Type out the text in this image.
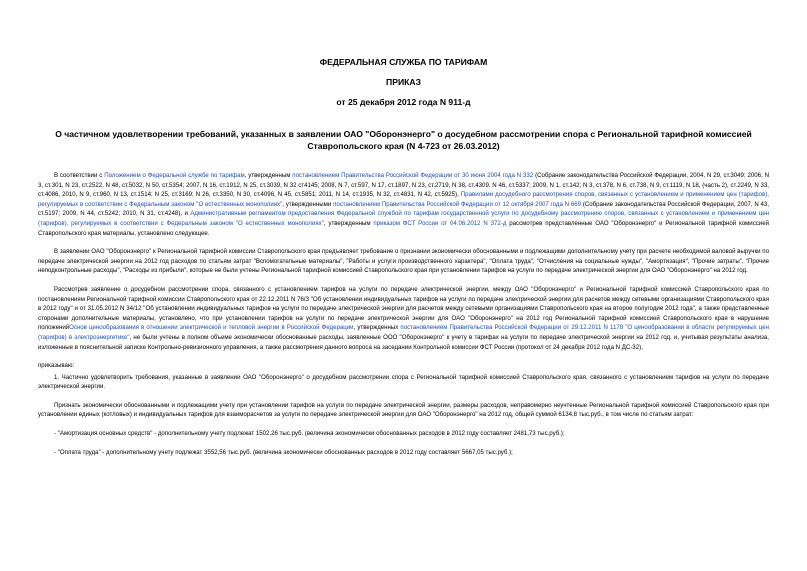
ФЕДЕРАЛЬНАЯ СЛУЖБА ПО ТАРИФАМ
ПРИКАЗ
от 25 декабря 2012 года N 911-д
О частичном удовлетворении требований, указанных в заявлении ОАО "Оборонэнерго" о досудебном рассмотрении спора с Региональной тарифной комиссией Ставропольского края (N 4-723 от 26.03.2012)

В соответствии с Положением о Федеральной службе по тарифам, утвержденным постановлением Правительства Российской Федерации от 30 июня 2004 года N 332 (Собрание законодательства Российской Федерации, 2004, N 29, ст.3049; 2006, N 3, ст.301, N 23, ст.2522, N 48, ст.5032, N 50, ст.5354; 2007, N 16, ст.1912, N 25, ст.3039, N 32 ст4145; 2008, N 7, ст.597, N 17, ст.1897, N 23, ст.2719, N 38, ст.4309, N 46, ст.5337; 2009, N 1, ст.142; N 3, ст.378, N 6, ст.738, N 9, ст.1119, N 18, (часть 2), ст.2249, N 33, ст.4086, 2010, N 9, ст.960, N 13, ст.1514; N 25, ст.3169; N 26, ст.3350, N 30, ст.4096, N 45, ст.5851; 2011, N 14, ст.1935, N 32, ст.4831, N 42, ст.5925), Правилами досудебного рассмотрения споров, связанных с установлением и применением цен (тарифов), регулируемых в соответствии с Федеральным законом "О естественных монополиях", утвержденными постановлением Правительства Российской Федерации от 12 октября 2007 года N 669 (Собрание законодательства Российской Федерации, 2007, N 43, ст.5197; 2009, N 44, ст.5242; 2010, N 31, ст.4248), и Административным регламентом предоставления Федеральной службой по тарифам государственной услуги по досудебному рассмотрению споров, связанных с установлением и применением цен (тарифов), регулируемых в соответствии с Федеральным законом "О естественных монополиях", утвержденным приказом ФСТ России от 04.06.2012 N 372-д рассмотрев представленные ОАО "Оборонэнерго" и Региональной тарифной комиссией Ставропольского края материалы, установлено следующее.

В заявлении ОАО "Оборонэнерго" к Региональной тарифной комиссии Ставропольского края предъявляет требование о признании экономически обоснованными и подлежащими дополнительному учету при расчете необходимой валовой выручки по передаче электрической энергии на 2012 год расходов по статьям затрат "Вспомогательные материалы", "Работы и услуги производственного характера", "Оплата труда", "Отчисления на социальные нужды", "Амортизация", "Прочие затраты", "Прочие неподконтрольные расходы", "Расходы из прибыли", которые не были учтены Региональной тарифной комиссией Ставропольского края при установлении тарифов на услуги по передаче электрической энергии для ОАО "Оборонэнерго" на 2012 год.

Рассмотрев заявление о досудебном рассмотрении спора, связанного с установлением тарифов на услуги по передаче электрической энергии, между ОАО "Оборонэнерго" и Региональной тарифной комиссией Ставропольского края по постановлениям Региональной тарифной комиссии Ставропольского края от 22.12.2011 N 76/3 "Об установлении индивидуальных тарифов на услуги по передаче электрической энергии для расчетов между сетевыми организациями Ставропольского края в 2012 году" и от 31.05.2012 N 34/12 "Об установлении индивидуальных тарифов на услуги по передаче электрической энергии для расчетов между сетевыми организациями Ставропольского края на второе полугодие 2012 года", а также представленные сторонами дополнительные материалы, установлено, что при установлении тарифов на услуги по передаче электрической энергии для ОАО "Оборонэнерго" на 2012 год Региональной тарифной комиссией Ставропольского края в нарушение положенийОснов ценообразования в отношении электрической и тепловой энергии в Российской Федерации, утвержденных постановлением Правительства Российской Федерации от 29.12.2011 N 1178 "О ценообразовании в области регулируемых цен (тарифов) в электроэнергетике", не были учтены в полном объеме экономически обоснованные расходы, заявленные ООО "Оборонэнерго" к учету в тарифах на услуги по передаче электрической энергии на 2012 год, и, учитывая результаты анализа, изложенные в пояснительной записке Контрольно-ревизионного управления, а также рассмотрения данного вопроса на заседании Контрольной комиссии ФСТ России (протокол от 24 декабря 2012 года N ДС-32),

приказываю:

1. Частично удовлетворить требования, указанные в заявлении ОАО "Оборонэнерго" о досудебном рассмотрении спора с Региональной тарифной комиссией Ставропольского края, связанного с установлением тарифов на услуги по передаче электрической энергии.

Признать экономически обоснованными и подлежащими учету при установлении тарифов на услуги по передаче электрической энергии, размеры расходов, неправомерно неучтенные Региональной тарифной комиссией Ставропольского края при установлении единых (котловых) и индивидуальных тарифов для взаиморасчетов за услуги по передаче электрической энергии для ОАО "Оборонэнерго" на 2012 год, общей суммой 6134,8 тыс.руб., в том числе по статьям затрат:

- "Амортизация основных средств" - дополнительному учету подлежат 1502,26 тыс.руб. (величина экономически обоснованных расходов в 2012 году составляет 2481,73 тыс.руб.);

- "Оплата труда" - дополнительному учету подлежат 3552,56 тыс.руб. (величина экономически обоснованных расходов в 2012 году составляет 5667,05 тыс.руб.);
